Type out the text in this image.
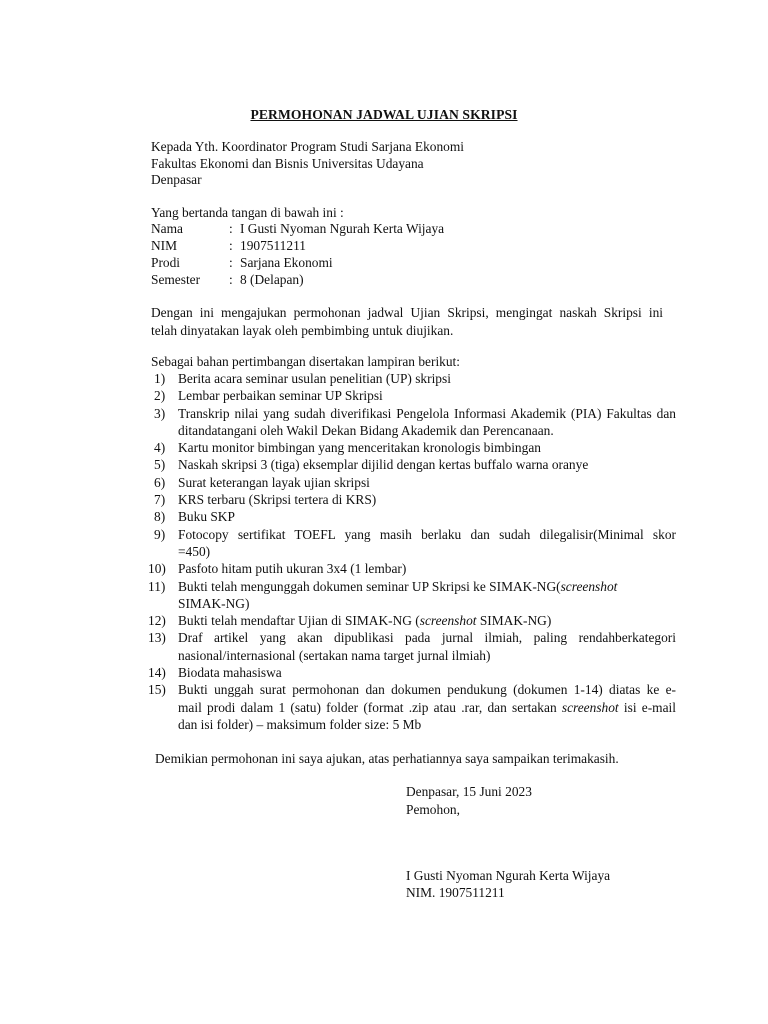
PERMOHONAN JADWAL UJIAN SKRIPSI
Kepada Yth. Koordinator Program Studi Sarjana Ekonomi
Fakultas Ekonomi dan Bisnis Universitas Udayana
Denpasar
Yang bertanda tangan di bawah ini :
Nama	: I Gusti Nyoman Ngurah Kerta Wijaya
NIM	: 1907511211
Prodi	: Sarjana Ekonomi
Semester : 8 (Delapan)
Dengan ini mengajukan permohonan jadwal Ujian Skripsi, mengingat naskah Skripsi ini
telah dinyatakan layak oleh pembimbing untuk diujikan.
Sebagai bahan pertimbangan disertakan lampiran berikut:
1) Berita acara seminar usulan penelitian (UP) skripsi
2) Lembar perbaikan seminar UP Skripsi
3) Transkrip nilai yang sudah diverifikasi Pengelola Informasi Akademik (PIA) Fakultas dan
ditandatangani oleh Wakil Dekan Bidang Akademik dan Perencanaan.
4) Kartu monitor bimbingan yang menceritakan kronologis bimbingan
5) Naskah skripsi 3 (tiga) eksemplar dijilid dengan kertas buffalo warna oranye
6) Surat keterangan layak ujian skripsi
7) KRS terbaru (Skripsi tertera di KRS)
8) Buku SKP
9) Fotocopy sertifikat TOEFL yang masih berlaku dan sudah dilegalisir(Minimal skor
=450)
10) Pasfoto hitam putih ukuran 3x4 (1 lembar)
11) Bukti telah mengunggah dokumen seminar UP Skripsi ke SIMAK-NG(screenshot
SIMAK-NG)
12) Bukti telah mendaftar Ujian di SIMAK-NG (screenshot SIMAK-NG)
13) Draf artikel yang akan dipublikasi pada jurnal ilmiah, paling rendahberkategori
nasional/internasional (sertakan nama target jurnal ilmiah)
14) Biodata mahasiswa
15) Bukti unggah surat permohonan dan dokumen pendukung (dokumen 1-14) diatas ke e-
mail prodi dalam 1 (satu) folder (format .zip atau .rar, dan sertakan screenshot isi e-mail
dan isi folder) – maksimum folder size: 5 Mb
Demikian permohonan ini saya ajukan, atas perhatiannya saya sampaikan terimakasih.
Denpasar, 15 Juni 2023
Pemohon,
I Gusti Nyoman Ngurah Kerta Wijaya
NIM. 1907511211
